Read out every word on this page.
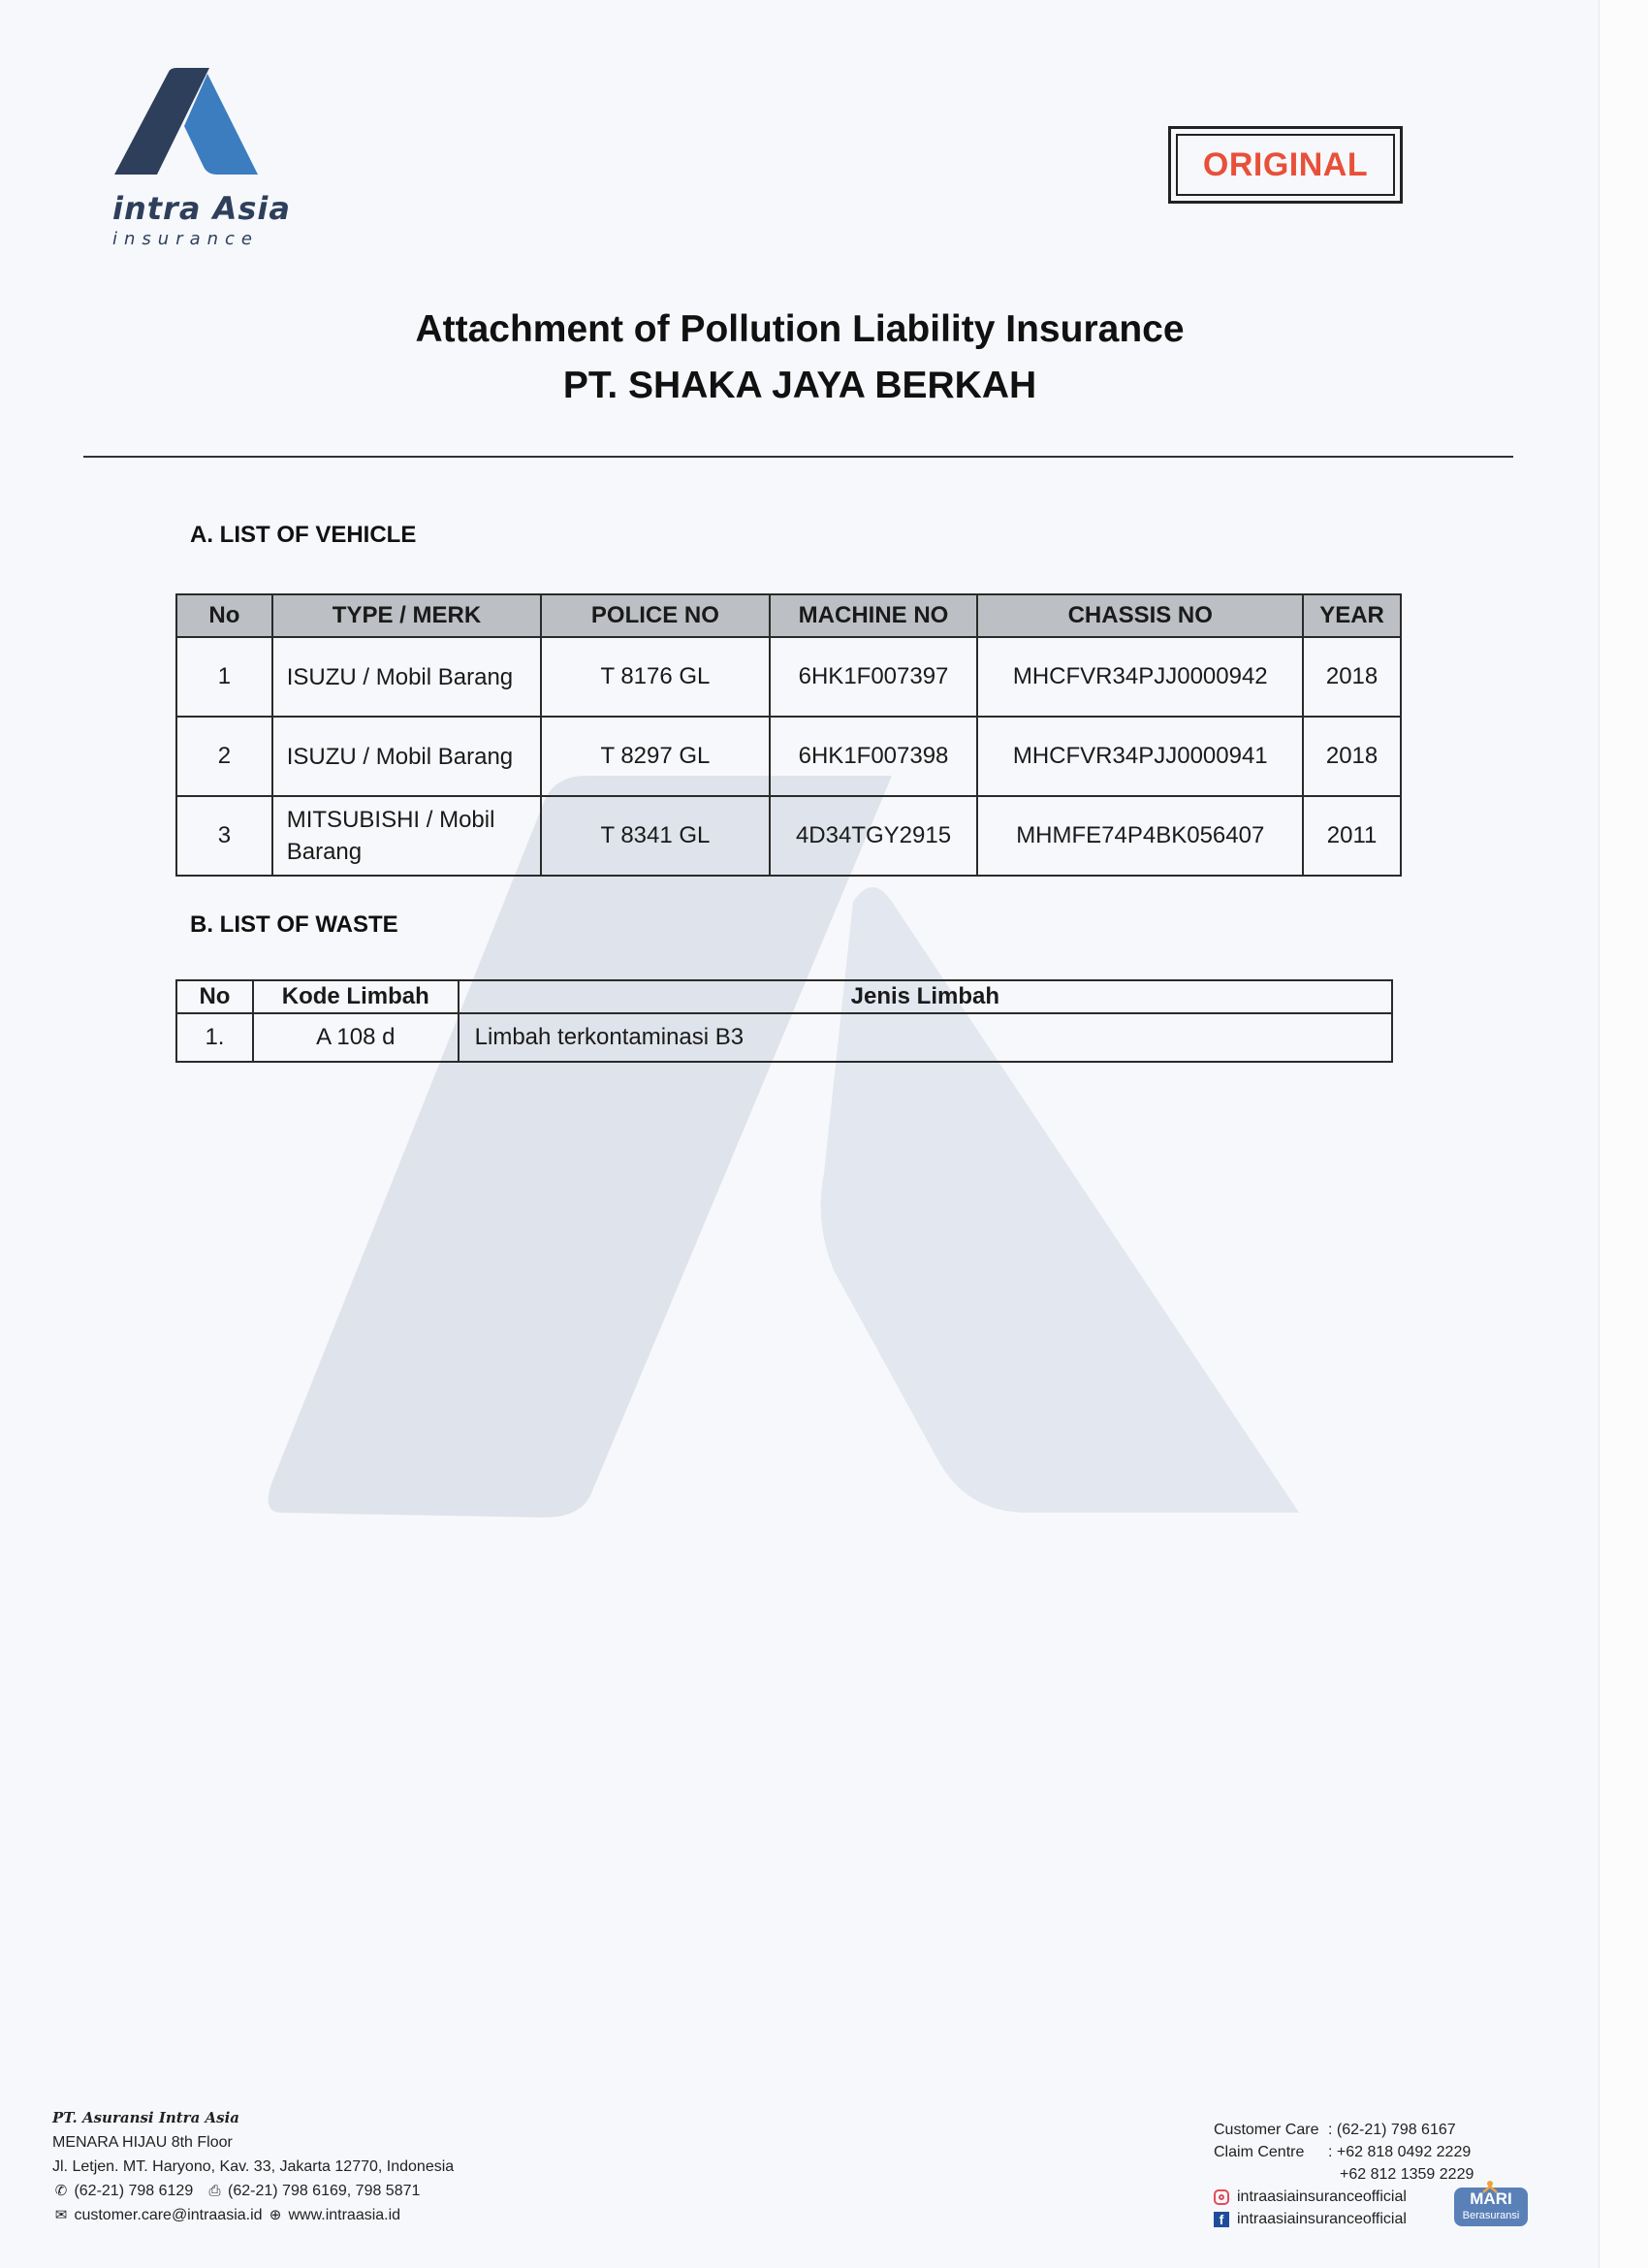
intra Asia
insurance
ORIGINAL
Attachment of Pollution Liability Insurance
PT. SHAKA JAYA BERKAH
A. LIST OF VEHICLE
No	TYPE / MERK	POLICE NO	MACHINE NO	CHASSIS NO	YEAR
1	ISUZU / Mobil Barang	T 8176 GL	6HK1F007397	MHCFVR34PJJ0000942	2018
2	ISUZU / Mobil Barang	T 8297 GL	6HK1F007398	MHCFVR34PJJ0000941	2018
3	MITSUBISHI / Mobil Barang	T 8341 GL	4D34TGY2915	MHMFE74P4BK056407	2011
B. LIST OF WASTE
No	Kode Limbah	Jenis Limbah
1.	A 108 d	Limbah terkontaminasi B3
PT. Asuransi Intra Asia
MENARA HIJAU 8th Floor
Jl. Letjen. MT. Haryono, Kav. 33, Jakarta 12770, Indonesia
✆ (62-21) 798 6129 ⎙ (62-21) 798 6169, 798 5871
✉ customer.care@intraasia.id ⊕ www.intraasia.id
Customer Care : (62-21) 798 6167
Claim Centre	: +62 818 0492 2229
+62 812 1359 2229
intraasiainsuranceofficial
f intraasiainsuranceofficial
MARI
Berasuransi
